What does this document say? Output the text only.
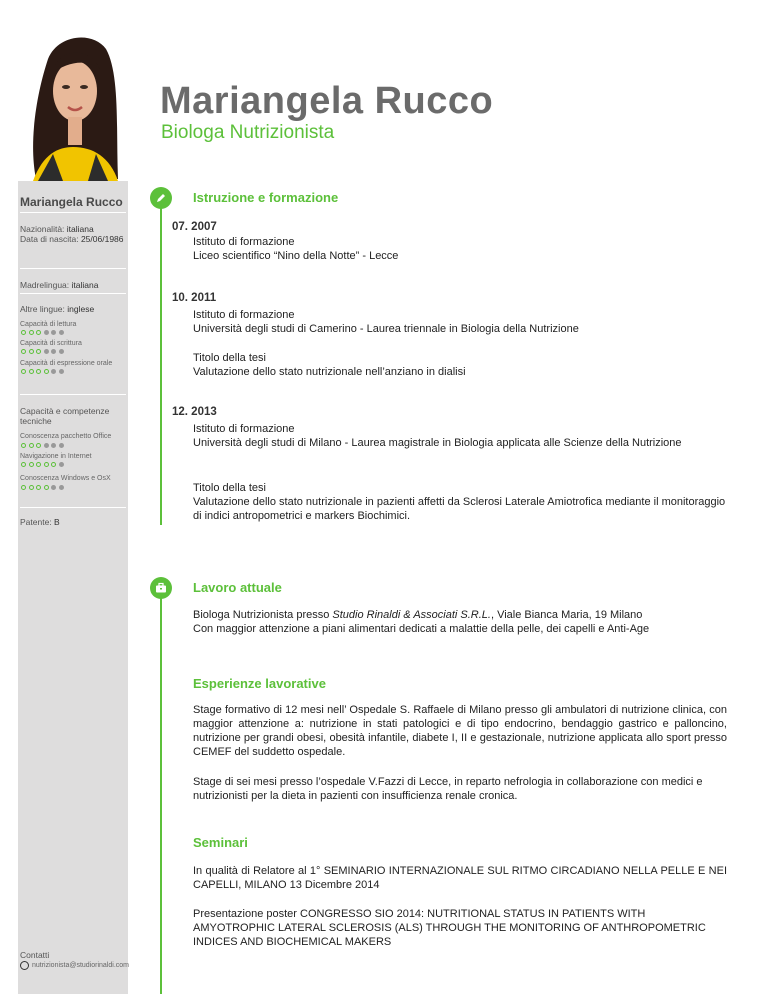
Mariangela Rucco
Biologa Nutrizionista
Mariangela Rucco
Nazionalità: italiana
Data di nascita: 25/06/1986
Madrelingua: italiana
Altre lingue: inglese
Capacità di lettura
Capacità di scrittura
Capacità di espressione orale
Capacità e competenze
tecniche
Conoscenza pacchetto Office
Navigazione in Internet
Conoscenza Windows e OsX
Patente: B
Contatti
nutrizionista@studiorinaldi.com
Istruzione e formazione
07. 2007
Istituto di formazione
Liceo scientifico “Nino della Notte” - Lecce
10. 2011
Istituto di formazione
Università degli studi di Camerino - Laurea triennale in Biologia della Nutrizione
Titolo della tesi
Valutazione dello stato nutrizionale nell’anziano in dialisi
12. 2013
Istituto di formazione
Università degli studi di Milano - Laurea magistrale in Biologia applicata alle Scienze della Nutrizione
Titolo della tesi
Valutazione dello stato nutrizionale in pazienti affetti da Sclerosi Laterale Amiotrofica mediante il monitoraggio di indici antropometrici e markers Biochimici.
Lavoro attuale
Biologa Nutrizionista presso Studio Rinaldi & Associati S.R.L., Viale Bianca Maria, 19 Milano
Con maggior attenzione a piani alimentari dedicati a malattie della pelle, dei capelli e Anti-Age
Esperienze lavorative
Stage formativo di 12 mesi nell’ Ospedale S. Raffaele di Milano presso gli ambulatori di nutrizione clinica, con maggior attenzione a: nutrizione in stati patologici e di tipo endocrino, bendaggio gastrico e palloncino, nutrizione per grandi obesi, obesità infantile, diabete I, II e gestazionale, nutrizione applicata allo sport presso CEMEF del suddetto ospedale.
Stage di sei mesi presso l’ospedale V.Fazzi di Lecce, in reparto nefrologia in collaborazione con medici e nutrizionisti per la dieta in pazienti con insufficienza renale cronica.
Seminari
In qualità di Relatore al 1° SEMINARIO INTERNAZIONALE SUL RITMO CIRCADIANO NELLA PELLE E NEI CAPELLI, MILANO 13 Dicembre 2014
Presentazione poster CONGRESSO SIO 2014: NUTRITIONAL STATUS IN PATIENTS WITH AMYOTROPHIC LATERAL SCLEROSIS (ALS) THROUGH THE MONITORING OF ANTHROPOMETRIC INDICES AND BIOCHEMICAL MAKERS
